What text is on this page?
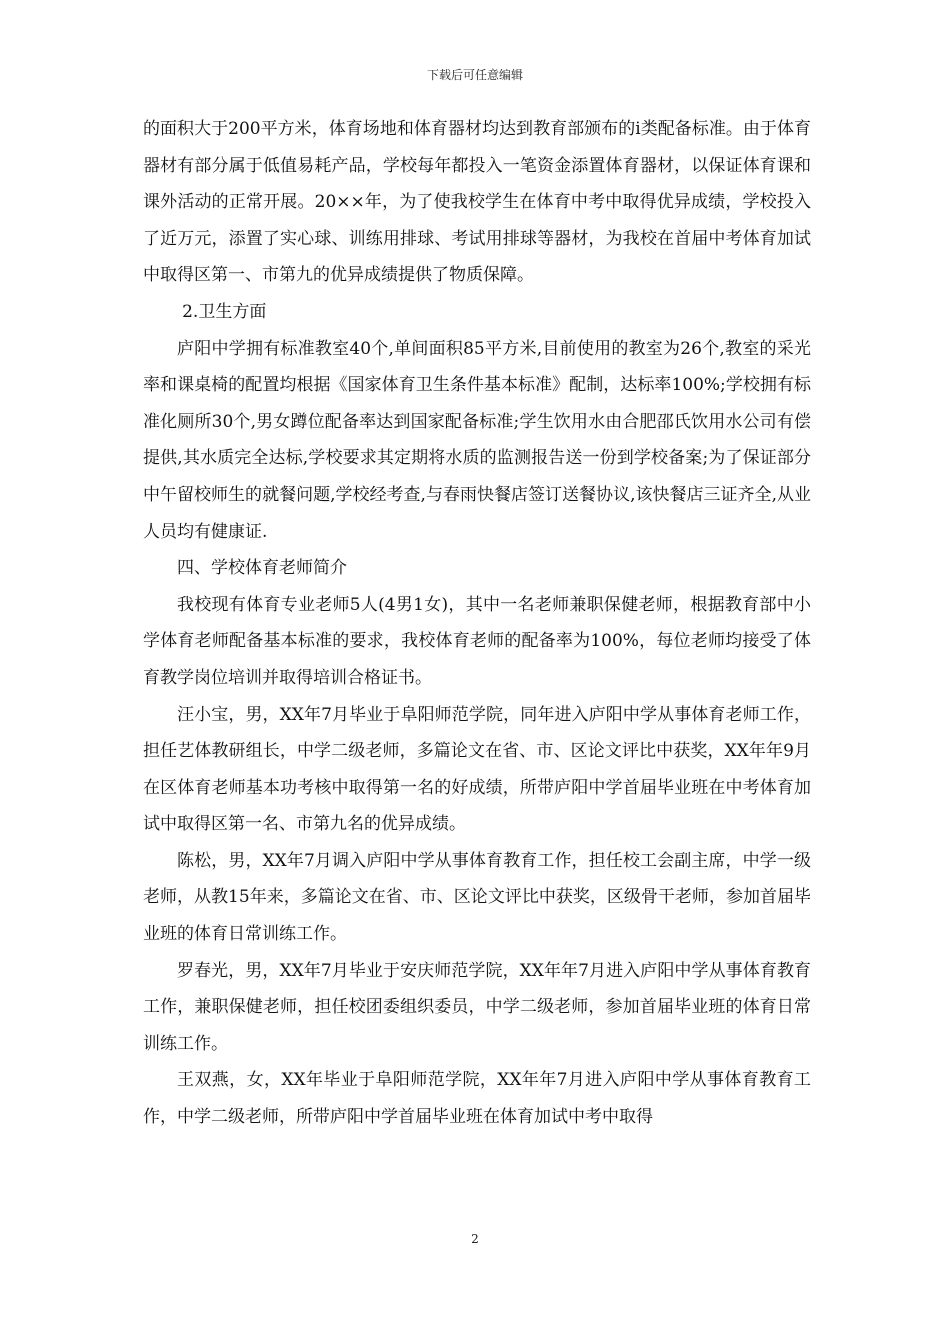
下载后可任意编辑

的面积大于200平方米，体育场地和体育器材均达到教育部颁布的ⅰ类配备标准。由于体育器材有部分属于低值易耗产品，学校每年都投入一笔资金添置体育器材，以保证体育课和课外活动的正常开展。20××年，为了使我校学生在体育中考中取得优异成绩，学校投入了近万元，添置了实心球、训练用排球、考试用排球等器材，为我校在首届中考体育加试中取得区第一、市第九的优异成绩提供了物质保障。

2.卫生方面

庐阳中学拥有标准教室40个,单间面积85平方米,目前使用的教室为26个,教室的采光率和课桌椅的配置均根据《国家体育卫生条件基本标准》配制，达标率100%;学校拥有标准化厕所30个,男女蹲位配备率达到国家配备标准;学生饮用水由合肥邵氏饮用水公司有偿提供,其水质完全达标,学校要求其定期将水质的监测报告送一份到学校备案;为了保证部分中午留校师生的就餐问题,学校经考查,与春雨快餐店签订送餐协议,该快餐店三证齐全,从业人员均有健康证.

四、学校体育老师简介

我校现有体育专业老师5人(4男1女)，其中一名老师兼职保健老师，根据教育部中小学体育老师配备基本标准的要求，我校体育老师的配备率为100%，每位老师均接受了体育教学岗位培训并取得培训合格证书。

汪小宝，男，XX年7月毕业于阜阳师范学院，同年进入庐阳中学从事体育老师工作，担任艺体教研组长，中学二级老师，多篇论文在省、市、区论文评比中获奖，XX年年9月在区体育老师基本功考核中取得第一名的好成绩，所带庐阳中学首届毕业班在中考体育加试中取得区第一名、市第九名的优异成绩。

陈松，男，XX年7月调入庐阳中学从事体育教育工作，担任校工会副主席，中学一级老师，从教15年来，多篇论文在省、市、区论文评比中获奖，区级骨干老师，参加首届毕业班的体育日常训练工作。

罗春光，男，XX年7月毕业于安庆师范学院，XX年年7月进入庐阳中学从事体育教育工作，兼职保健老师，担任校团委组织委员，中学二级老师，参加首届毕业班的体育日常训练工作。

王双燕，女，XX年毕业于阜阳师范学院，XX年年7月进入庐阳中学从事体育教育工作，中学二级老师，所带庐阳中学首届毕业班在体育加试中考中取得

2
